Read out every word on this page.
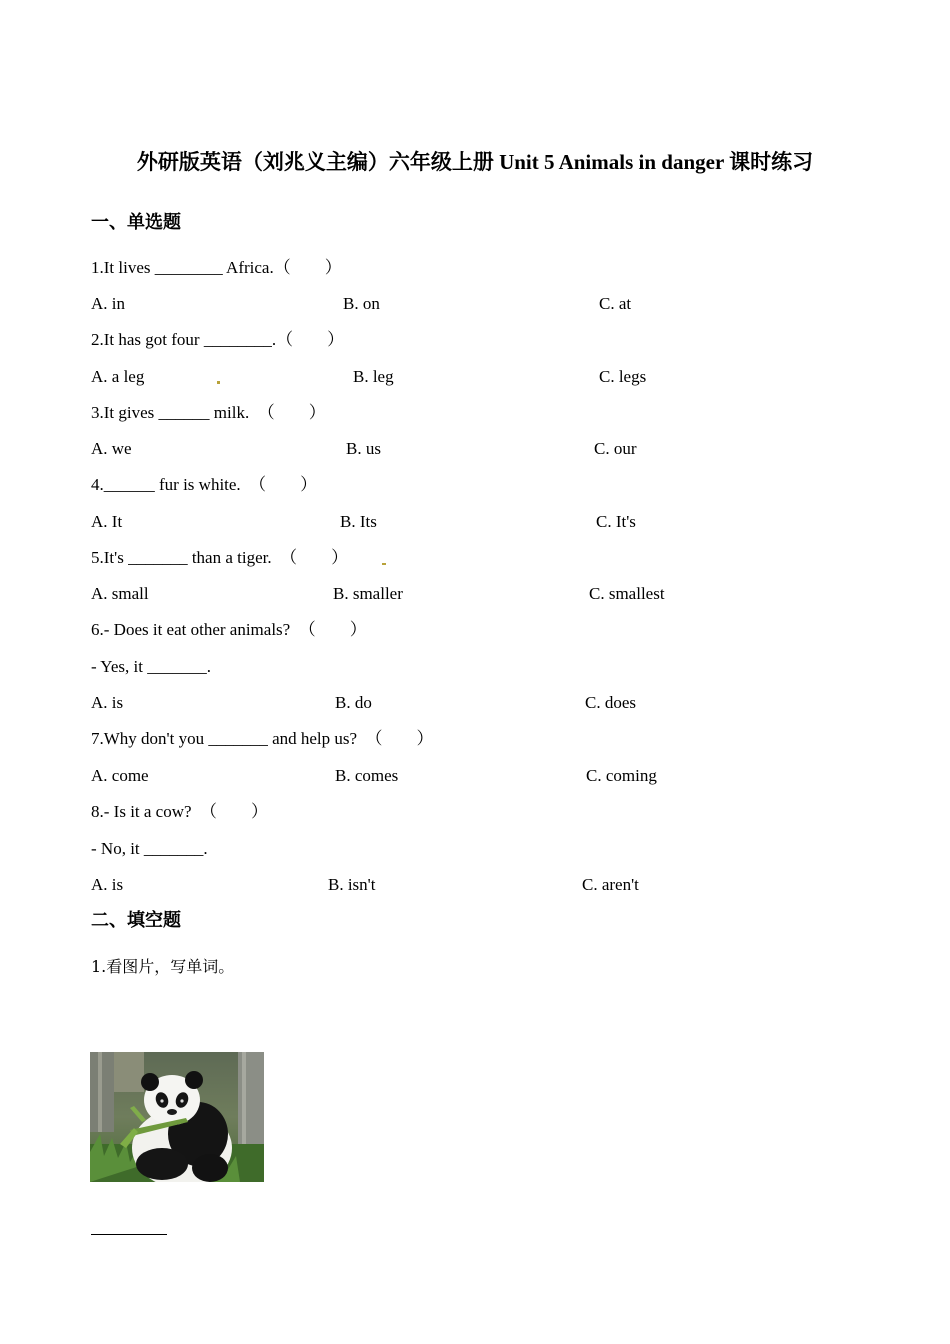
外研版英语（刘兆义主编）六年级上册 Unit 5 Animals in danger 课时练习
一、单选题
1.It lives ________ Africa.（　　）
A. in	B. on	C. at
2.It has got four ________.（　　）
A. a leg	B. leg	C. legs
3.It gives ______ milk.　（　　）
A. we	B. us	C. our
4.______ fur is white.　（　　）
A. It	B. Its	C. It's
5.It's _______ than a tiger.　（　　）
A. small	B. smaller	C. smallest
6.- Does it eat other animals?　（　　）
- Yes, it _______.
A. is	B. do	C. does
7.Why don't you _______ and help us?　（　　）
A. come	B. comes	C. coming
8.- Is it a cow?　（　　）
- No, it _______.
A. is	B. isn't	C. aren't
二、填空题
1.看图片，写单词。
